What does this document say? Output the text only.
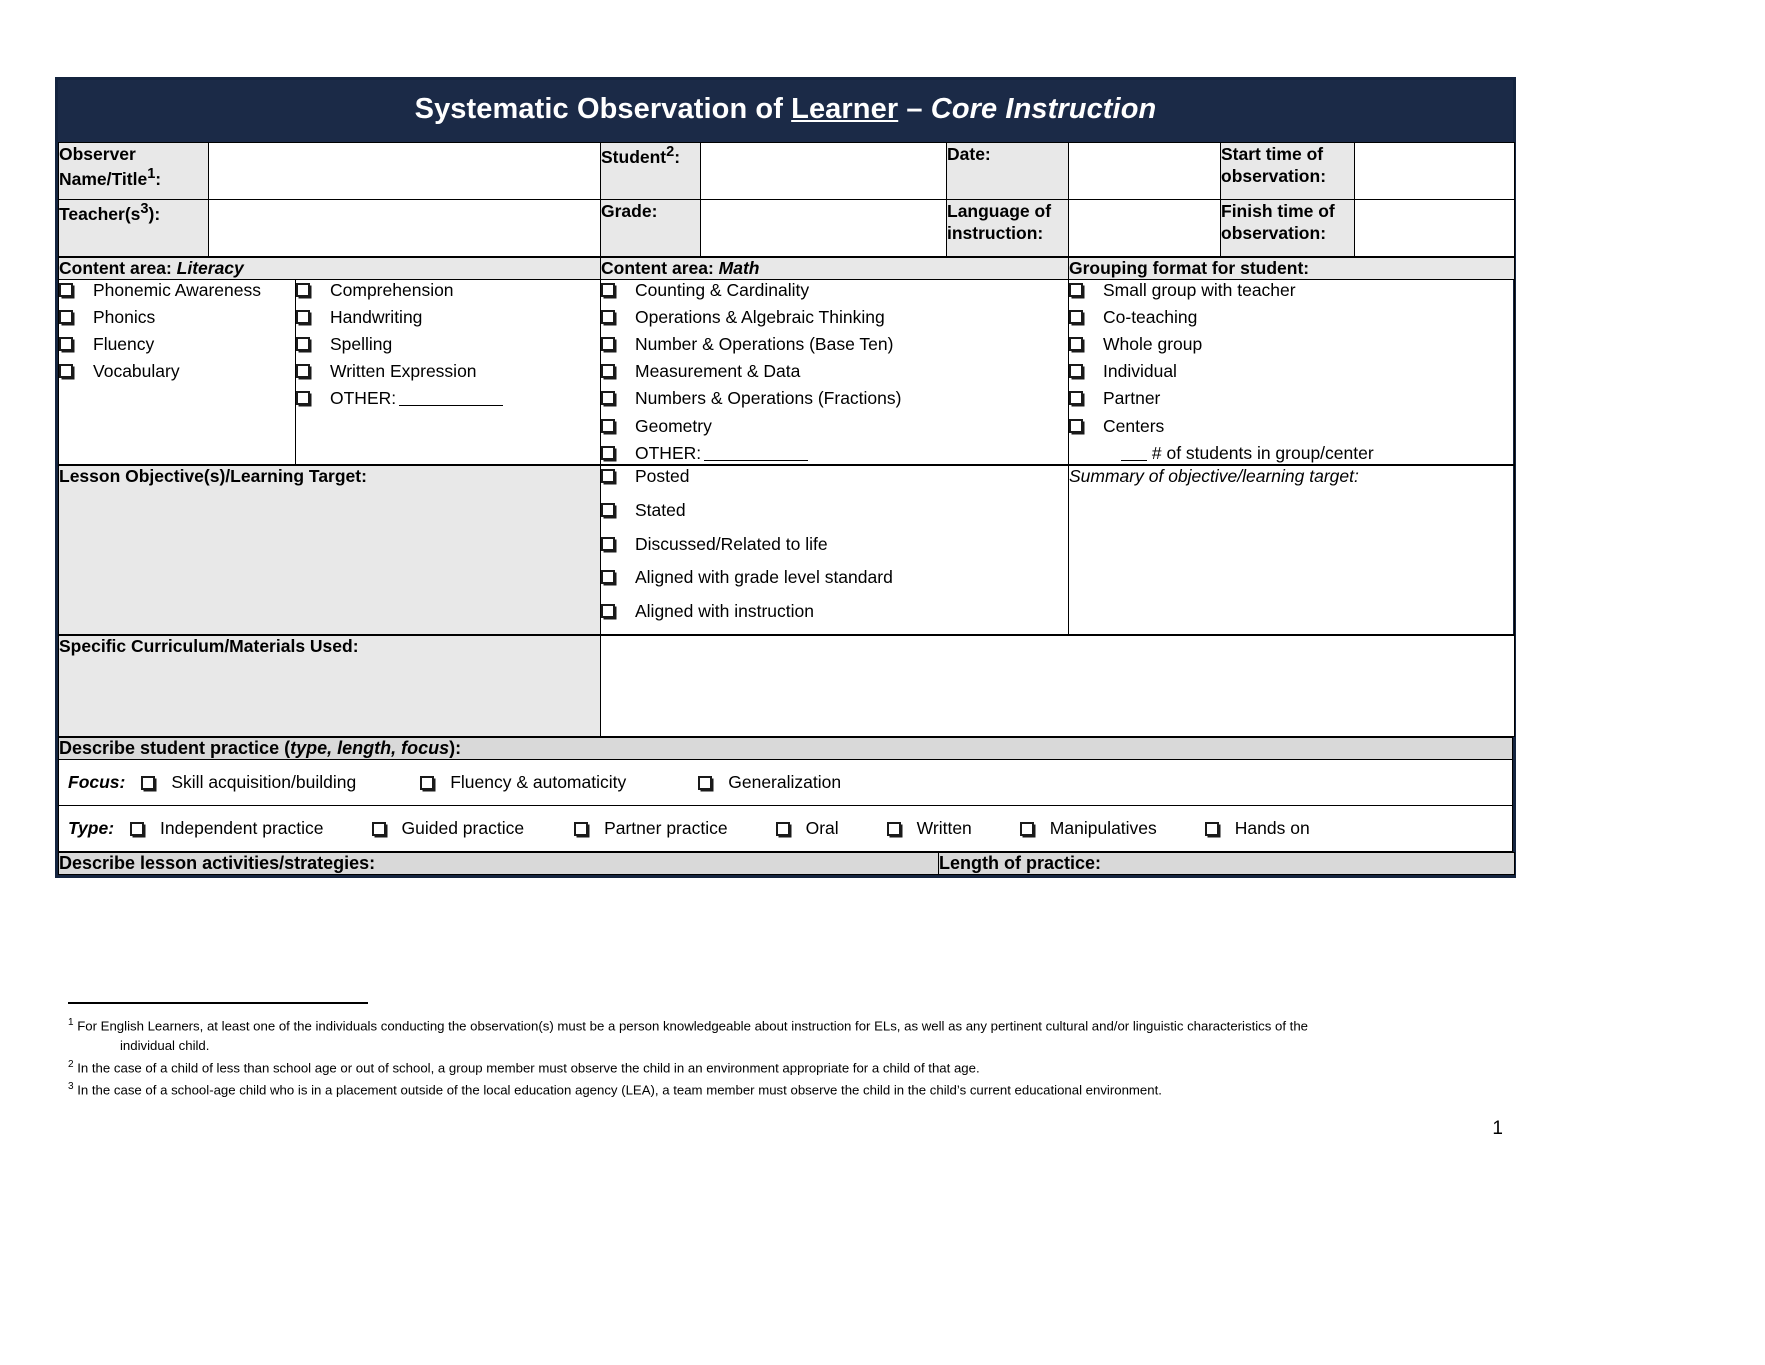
Systematic Observation of Learner – Core Instruction
Observer Name/Title$^1$:		Student$^2$:		Date:		Start time of observation:	
$Teacher(s^3)$:		Grade:		Language of instruction:		Finish time of observation:	
Content area: Literacy		Content area: Math	Grouping format for student:

Phonemic Awareness
Phonics
Fluency
Vocabulary

Comprehension
Handwriting
Spelling
Written Expression
OTHER:

Counting & Cardinality
Operations & Algebraic Thinking
Number & Operations (Base Ten)
Measurement & Data
Numbers & Operations (Fractions)
Geometry
OTHER:

Small group with teacher
Co-teaching
Whole group
Individual
Partner
Centers
# of students in group/center
Lesson Objective(s)/Learning Target:	Posted
Stated
Discussed/Related to life
Aligned with grade level standard
Aligned with instruction

Summary of objective/learning target:
Specific Curriculum/Materials Used:	
Describe student practice (type, length, focus):

Focus:	Skill acquisition/building	Fluency & automaticity	Generalization

Type:	Independent practice	Guided practice	Partner practice	Oral	Written	Manipulatives	Hands on
Describe lesson activities/strategies:	Length of practice:
$^1$ For English Learners, at least one of the individuals conducting the observation(s) must be a person knowledgeable about instruction for ELs, as well as any pertinent cultural and/or linguistic characteristics of the
individual child.
$^2$ In the case of a child of less than school age or out of school, a group member must observe the child in an environment appropriate for a child of that age.
$^3$ In the case of a school-age child who is in a placement outside of the local education agency (LEA), a team member must observe the child in the child’s current educational environment.
1
